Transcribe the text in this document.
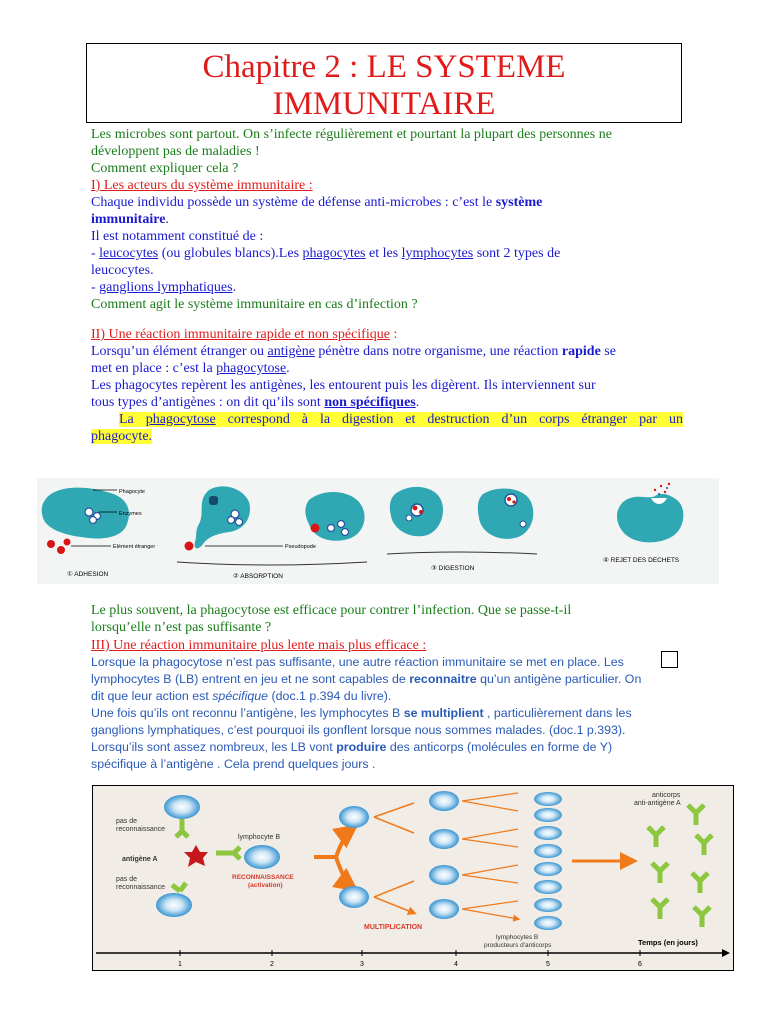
Chapitre 2 : LE SYSTEME
IMMUNITAIRE
Les microbes sont partout. On s’infecte régulièrement et pourtant la plupart des personnes ne
développent pas de maladies !
Comment expliquer cela ?
I) Les acteurs du système immunitaire :
Chaque individu possède un système de défense anti-microbes : c’est le système
immunitaire.
Il est notamment constitué de :
- leucocytes (ou globules blancs).Les phagocytes et les lymphocytes sont 2 types de
leucocytes.
- ganglions lymphatiques.
Comment agit le système immunitaire en cas d’infection ?
II) Une réaction immunitaire rapide et non spécifique :
Lorsqu’un élément étranger ou antigène pénètre dans notre organisme, une réaction rapide se
met en place : c’est la phagocytose.
Les phagocytes repèrent les antigènes, les entourent puis les digèrent. Ils interviennent sur
tous types d’antigènes : on dit qu’ils sont non spécifiques.
La phagocytose correspond à la digestion et destruction d’un corps étranger par un
phagocyte.
Phagocyte
Enzymes
Elément étranger
① ADHESION
Pseudopode
② ABSORPTION
③ DIGESTION
④ REJET DES DECHETS
Le plus souvent, la phagocytose est efficace pour contrer l’infection. Que se passe-t-il
lorsqu’elle n’est pas suffisante ?
III) Une réaction immunitaire plus lente mais plus efficace :
Lorsque la phagocytose n’est pas suffisante, une autre réaction immunitaire se met en place. Les
lymphocytes B (LB) entrent en jeu et ne sont capables de reconnaitre qu’un antigène particulier. On
dit que leur action est spécifique (doc.1 p.394 du livre).
Une fois qu’ils ont reconnu l’antigène, les lymphocytes B se multiplient , particulièrement dans les
ganglions lymphatiques, c’est pourquoi ils gonflent lorsque nous sommes malades. (doc.1 p.393).
Lorsqu’ils sont assez nombreux, les LB vont produire des anticorps (molécules en forme de Y)
spécifique à l’antigène . Cela prend quelques jours .
pas de
reconnaissance
antigène A
pas de
reconnaissance
lymphocyte B
RECONNAISSANCE
(activation)
anticorps
anti-antigène A
MULTIPLICATION
lymphocytes B
producteurs d'anticorps	Temps (en jours)
1	2	3	4	5	6
